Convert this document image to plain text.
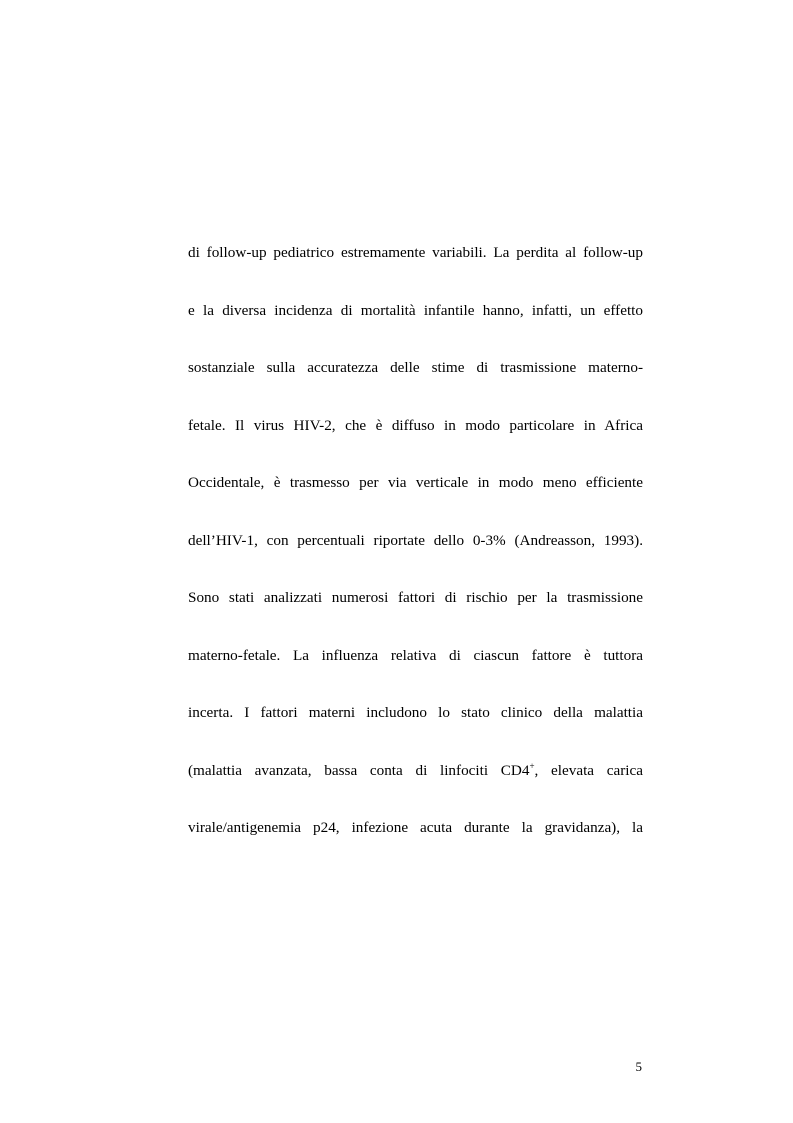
di follow-up pediatrico estremamente variabili. La perdita al follow-up
e la diversa incidenza di mortalità infantile hanno, infatti, un effetto
sostanziale sulla accuratezza delle stime di trasmissione materno-
fetale. Il virus HIV-2, che è diffuso in modo particolare in Africa
Occidentale, è trasmesso per via verticale in modo meno efficiente
dell’HIV-1, con percentuali riportate dello 0-3% (Andreasson, 1993).
Sono stati analizzati numerosi fattori di rischio per la trasmissione
materno-fetale. La influenza relativa di ciascun fattore è tuttora
incerta. I fattori materni includono lo stato clinico della malattia
(malattia avanzata, bassa conta di linfociti CD4+, elevata carica
virale/antigenemia p24, infezione acuta durante la gravidanza), la
5
